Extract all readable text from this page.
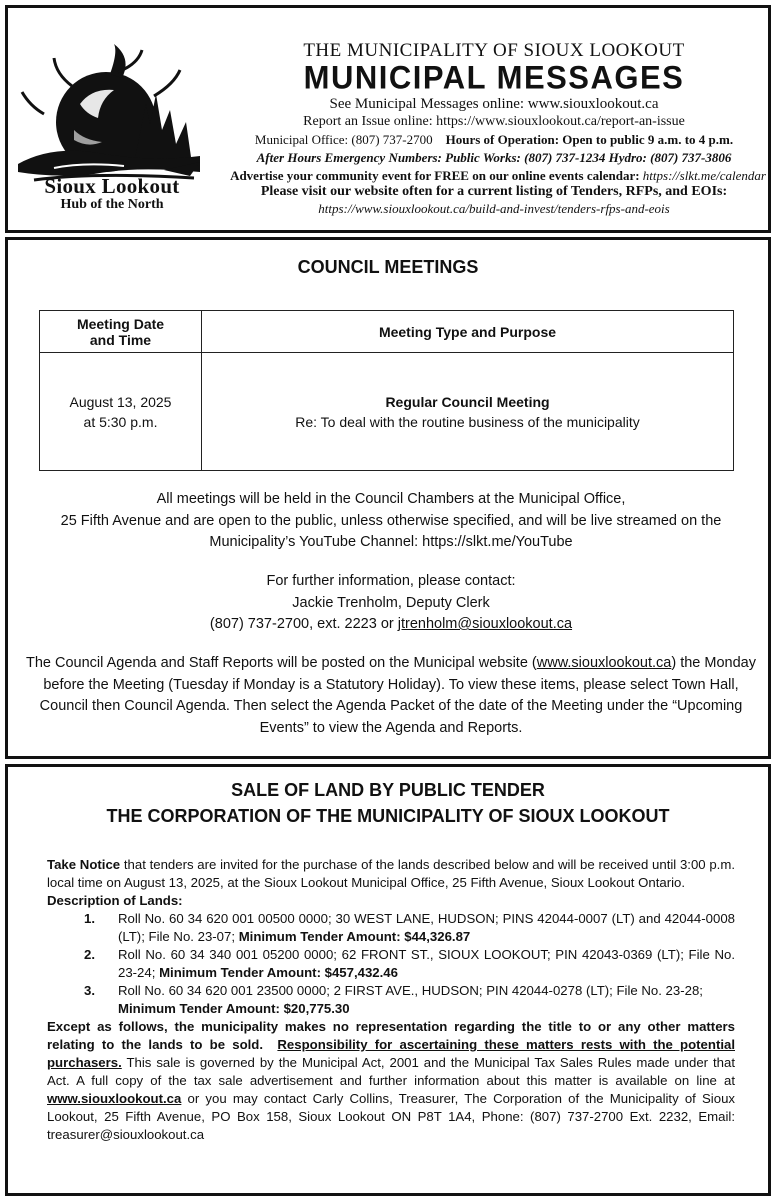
Sioux Lookout
Hub of the North
THE MUNICIPALITY OF SIOUX LOOKOUT
MUNICIPAL MESSAGES
See Municipal Messages online: www.siouxlookout.ca
Report an Issue online: https://www.siouxlookout.ca/report-an-issue
Municipal Office: (807) 737-2700 Hours of Operation: Open to public 9 a.m. to 4 p.m.
After Hours Emergency Numbers: Public Works: (807) 737-1234 Hydro: (807) 737-3806
Advertise your community event for FREE on our online events calendar: https://slkt.me/calendar
Please visit our website often for a current listing of Tenders, RFPs, and EOIs:
https://www.siouxlookout.ca/build-and-invest/tenders-rfps-and-eois
COUNCIL MEETINGS
Meeting Date
and Time	Meeting Type and Purpose
August 13, 2025
at 5:30 p.m.	Regular Council Meeting
Re: To deal with the routine business of the municipality
All meetings will be held in the Council Chambers at the Municipal Office,
25 Fifth Avenue and are open to the public, unless otherwise specified, and will be live streamed on the
Municipality’s YouTube Channel: https://slkt.me/YouTube
For further information, please contact:
Jackie Trenholm, Deputy Clerk
(807) 737-2700, ext. 2223 or jtrenholm@siouxlookout.ca
The Council Agenda and Staff Reports will be posted on the Municipal website (www.siouxlookout.ca) the Monday before the Meeting (Tuesday if Monday is a Statutory Holiday). To view these items, please select Town Hall, Council then Council Agenda. Then select the Agenda Packet of the date of the Meeting under the “Upcoming Events” to view the Agenda and Reports.
SALE OF LAND BY PUBLIC TENDER
THE CORPORATION OF THE MUNICIPALITY OF SIOUX LOOKOUT

Take Notice that tenders are invited for the purchase of the lands described below and will be received until 3:00 p.m. local time on August 13, 2025, at the Sioux Lookout Municipal Office, 25 Fifth Avenue, Sioux Lookout Ontario.

Description of Lands:

1. Roll No. 60 34 620 001 00500 0000; 30 WEST LANE, HUDSON; PINS 42044-0007 (LT) and 42044-0008 (LT); File No. 23-07; Minimum Tender Amount: $44,326.87
2. Roll No. 60 34 340 001 05200 0000; 62 FRONT ST., SIOUX LOOKOUT; PIN 42043-0369 (LT); File No. 23-24; Minimum Tender Amount: $457,432.46
3. Roll No. 60 34 620 001 23500 0000; 2 FIRST AVE., HUDSON; PIN 42044-0278 (LT); File No. 23-28;
Minimum Tender Amount: $20,775.30

Except as follows, the municipality makes no representation regarding the title to or any other matters relating to the lands to be sold. Responsibility for ascertaining these matters rests with the potential purchasers. This sale is governed by the Municipal Act, 2001 and the Municipal Tax Sales Rules made under that Act. A full copy of the tax sale advertisement and further information about this matter is available on line at www.siouxlookout.ca or you may contact Carly Collins, Treasurer, The Corporation of the Municipality of Sioux Lookout, 25 Fifth Avenue, PO Box 158, Sioux Lookout ON P8T 1A4, Phone: (807) 737-2700 Ext. 2232, Email: treasurer@siouxlookout.ca
